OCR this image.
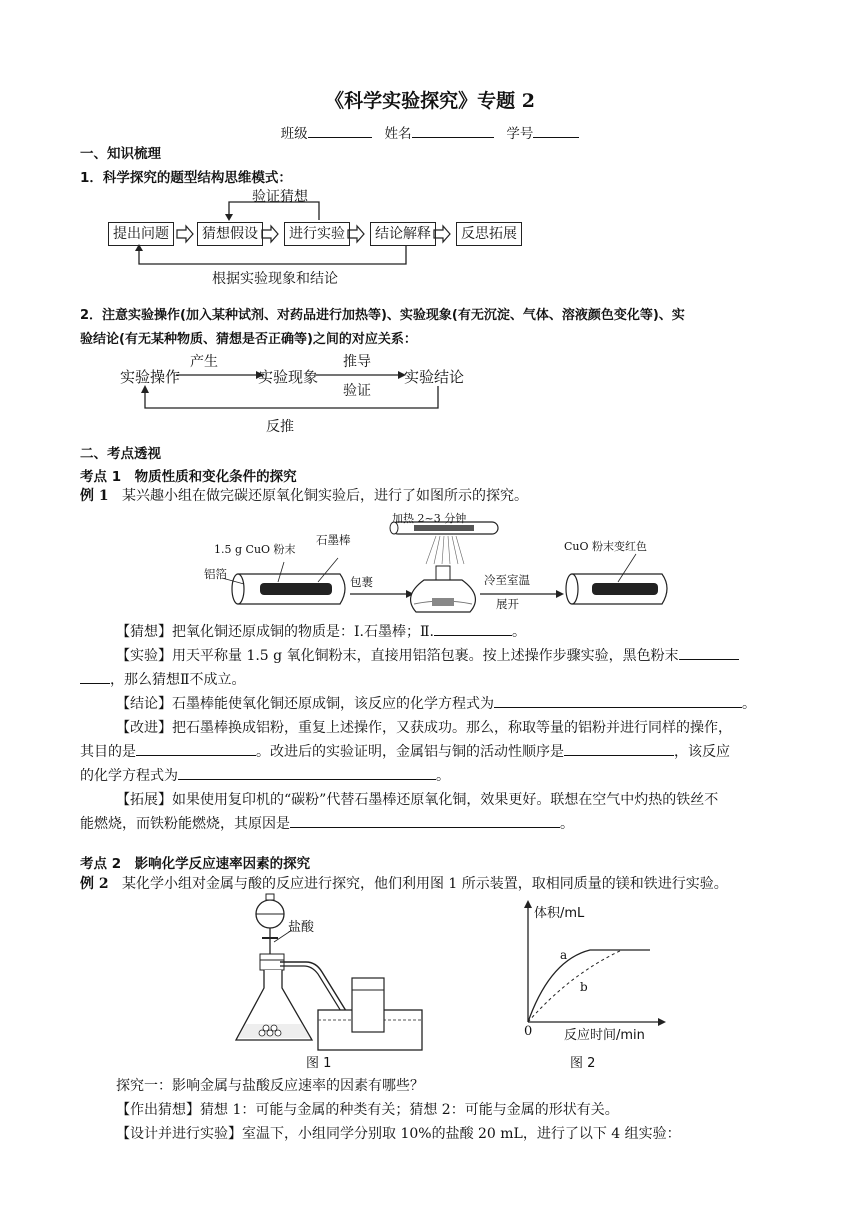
《科学实验探究》专题 2
班级	姓名	学号
一、知识梳理
1．科学探究的题型结构思维模式：
验证猜想
提出问题	猜想假设	进行实验	结论解释	反思拓展
根据实验现象和结论
2．注意实验操作(加入某种试剂、对药品进行加热等)、实验现象(有无沉淀、气体、溶液颜色变化等)、实
验结论(有无某种物质、猜想是否正确等)之间的对应关系：
实验操作	实验现象	实验结论
产生	推导
验证
反推
二、考点透视
考点 1　物质性质和变化条件的探究
例 1 某兴趣小组在做完碳还原氧化铜实验后，进行了如图所示的探究。
1.5 g CuO 粉末
石墨棒
铝箔
包裹
加热 2~3 分钟
冷至室温
展开
CuO 粉末变红色
【猜想】把氧化铜还原成铜的物质是：Ⅰ.石墨棒；Ⅱ.	。
【实验】用天平称量 1.5 g 氧化铜粉末，直接用铝箔包裹。按上述操作步骤实验，黑色粉末
，那么猜想Ⅱ不成立。
【结论】石墨棒能使氧化铜还原成铜，该反应的化学方程式为	。
【改进】把石墨棒换成铝粉，重复上述操作，又获成功。那么，称取等量的铝粉并进行同样的操作，
其目的是	。改进后的实验证明，金属铝与铜的活动性顺序是	，该反应
的化学方程式为	。
【拓展】如果使用复印机的“碳粉”代替石墨棒还原氧化铜，效果更好。联想在空气中灼热的铁丝不
能燃烧，而铁粉能燃烧，其原因是	。
考点 2　影响化学反应速率因素的探究
例 2 某化学小组对金属与酸的反应进行探究，他们利用图 1 所示装置，取相同质量的镁和铁进行实验。
盐酸
图 1
体积/mL
反应时间/min
0
a
b
图 2
探究一：影响金属与盐酸反应速率的因素有哪些？
【作出猜想】猜想 1：可能与金属的种类有关；猜想 2：可能与金属的形状有关。
【设计并进行实验】室温下，小组同学分别取 10%的盐酸 20 mL，进行了以下 4 组实验：
